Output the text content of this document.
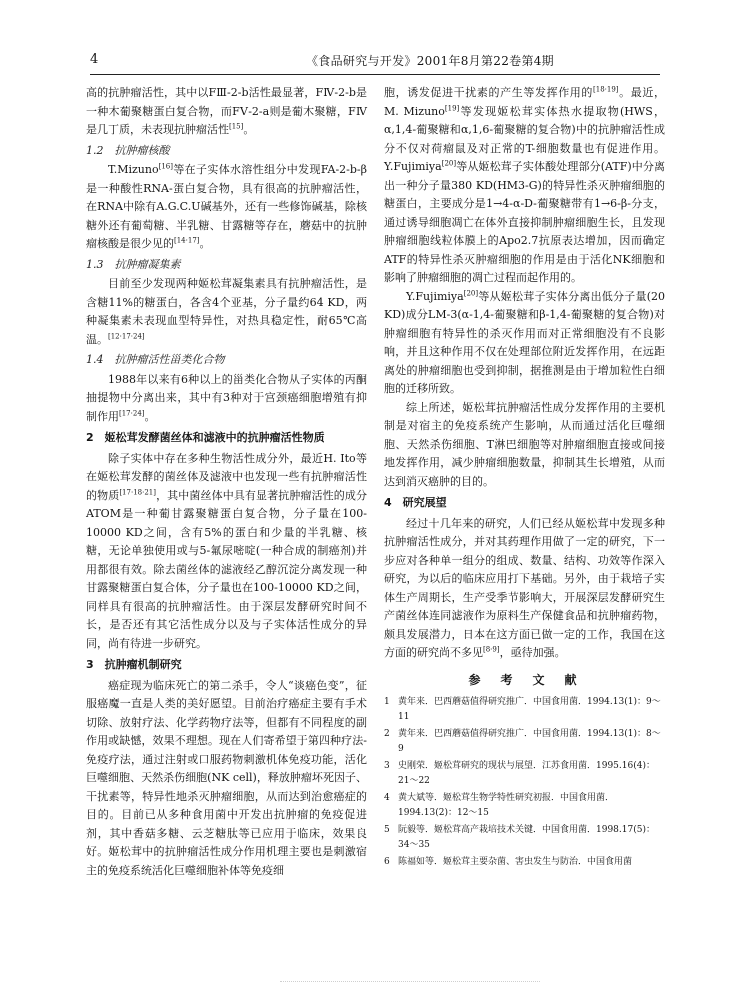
4	《食品研究与开发》2001年8月第22卷第4期

高的抗肿瘤活性，其中以FⅢ-2-b活性最显著，FⅣ-2-b是一种木葡聚糖蛋白复合物，而FⅤ-2-a则是葡木聚糖，FⅣ是几丁质，未表现抗肿瘤活性[15]。

1.2　抗肿瘤核酸

T.Mizuno[16]等在子实体水溶性组分中发现FA-2-b-β是一种酸性RNA-蛋白复合物，具有很高的抗肿瘤活性，在RNA中除有A.G.C.U碱基外，还有一些修饰碱基，除核糖外还有葡萄糖、半乳糖、甘露糖等存在，蘑菇中的抗肿瘤核酸是很少见的[14·17]。

1.3　抗肿瘤凝集素

目前至少发现两种姬松茸凝集素具有抗肿瘤活性，是含糖11%的糖蛋白，各含4个亚基，分子量约64 KD，两种凝集素未表现血型特异性，对热具稳定性，耐65℃高温。[12·17·24]

1.4　抗肿瘤活性甾类化合物

1988年以来有6种以上的甾类化合物从子实体的丙酮抽提物中分离出来，其中有3种对于宫颈癌细胞增殖有抑制作用[17·24]。

2　姬松茸发酵菌丝体和滤液中的抗肿瘤活性物质

除子实体中存在多种生物活性成分外，最近H. Ito等在姬松茸发酵的菌丝体及滤液中也发现一些有抗肿瘤活性的物质[17·18·21]，其中菌丝体中具有显著抗肿瘤活性的成分ATOM是一种葡甘露聚糖蛋白复合物，分子量在100-10000 KD之间，含有5%的蛋白和少量的半乳糖、核糖，无论单独使用或与5-氟尿嘧啶(一种合成的制癌剂)并用都很有效。除去菌丝体的滤液经乙醇沉淀分离发现一种甘露聚糖蛋白复合体，分子量也在100-10000 KD之间，同样具有很高的抗肿瘤活性。由于深层发酵研究时间不长，是否还有其它活性成分以及与子实体活性成分的异同，尚有待进一步研究。

3　抗肿瘤机制研究

癌症现为临床死亡的第二杀手，令人“谈癌色变”，征服癌魔一直是人类的美好愿望。目前治疗癌症主要有手术切除、放射疗法、化学药物疗法等，但都有不同程度的副作用或缺憾，效果不理想。现在人们寄希望于第四种疗法-免疫疗法，通过注射或口服药物刺激机体免疫功能，活化巨噬细胞、天然杀伤细胞(NK cell)，释放肿瘤坏死因子、干扰素等，特异性地杀灭肿瘤细胞，从而达到治愈癌症的目的。目前已从多种食用菌中开发出抗肿瘤的免疫促进剂，其中香菇多糖、云芝糖肽等已应用于临床，效果良好。姬松茸中的抗肿瘤活性成分作用机理主要也是刺激宿主的免疫系统活化巨噬细胞补体等免疫细

胞，诱发促进干扰素的产生等发挥作用的[18·19]。最近，M. Mizuno[19]等发现姬松茸实体热水提取物(HWS，α,1,4-葡聚糖和α,1,6-葡聚糖的复合物)中的抗肿瘤活性成分不仅对荷瘤鼠及对正常的T-细胞数量也有促进作用。Y.Fujimiya[20]等从姬松茸子实体酸处理部分(ATF)中分离出一种分子量380 KD(HM3-G)的特异性杀灭肿瘤细胞的糖蛋白，主要成分是1→4-α-D-葡聚糖带有1→6-β-分支，通过诱导细胞凋亡在体外直接抑制肿瘤细胞生长，且发现肿瘤细胞线粒体膜上的Apo2.7抗原表达增加，因而确定ATF的特异性杀灭肿瘤细胞的作用是由于活化NK细胞和影响了肿瘤细胞的凋亡过程而起作用的。

Y.Fujimiya[20]等从姬松茸子实体分离出低分子量(20 KD)成分LM-3(α-1,4-葡聚糖和β-1,4-葡聚糖的复合物)对肿瘤细胞有特异性的杀灭作用而对正常细胞没有不良影响，并且这种作用不仅在处理部位附近发挥作用，在远距离处的肿瘤细胞也受到抑制，据推测是由于增加粒性白细胞的迁移所致。

综上所述，姬松茸抗肿瘤活性成分发挥作用的主要机制是对宿主的免疫系统产生影响，从而通过活化巨噬细胞、天然杀伤细胞、T淋巴细胞等对肿瘤细胞直接或间接地发挥作用，减少肿瘤细胞数量，抑制其生长增殖，从而达到消灭癌肿的目的。

4　研究展望

经过十几年来的研究，人们已经从姬松茸中发现多种抗肿瘤活性成分，并对其药理作用做了一定的研究，下一步应对各种单一组分的组成、数量、结构、功效等作深入研究，为以后的临床应用打下基础。另外，由于栽培子实体生产周期长，生产受季节影响大，开展深层发酵研究生产菌丝体连同滤液作为原料生产保健食品和抗肿瘤药物，颇具发展潜力，日本在这方面已做一定的工作，我国在这方面的研究尚不多见[8·9]，亟待加强。

参　考　文　献
1 黄年来．巴西蘑菇值得研究推广．中国食用菌．1994.13(1)：9～11
2 黄年来．巴西蘑菇值得研究推广．中国食用菌．1994.13(1)：8～9
3 史刚荣．姬松茸研究的现状与展望．江苏食用菌．1995.16(4)：21～22
4 黄大斌等．姬松茸生物学特性研究初报．中国食用菌．1994.13(2)：12～15
5 阮毅等．姬松茸高产栽培技术关键．中国食用菌．1998.17(5)：34～35
6 陈福如等．姬松茸主要杂菌、害虫发生与防治．中国食用菌
